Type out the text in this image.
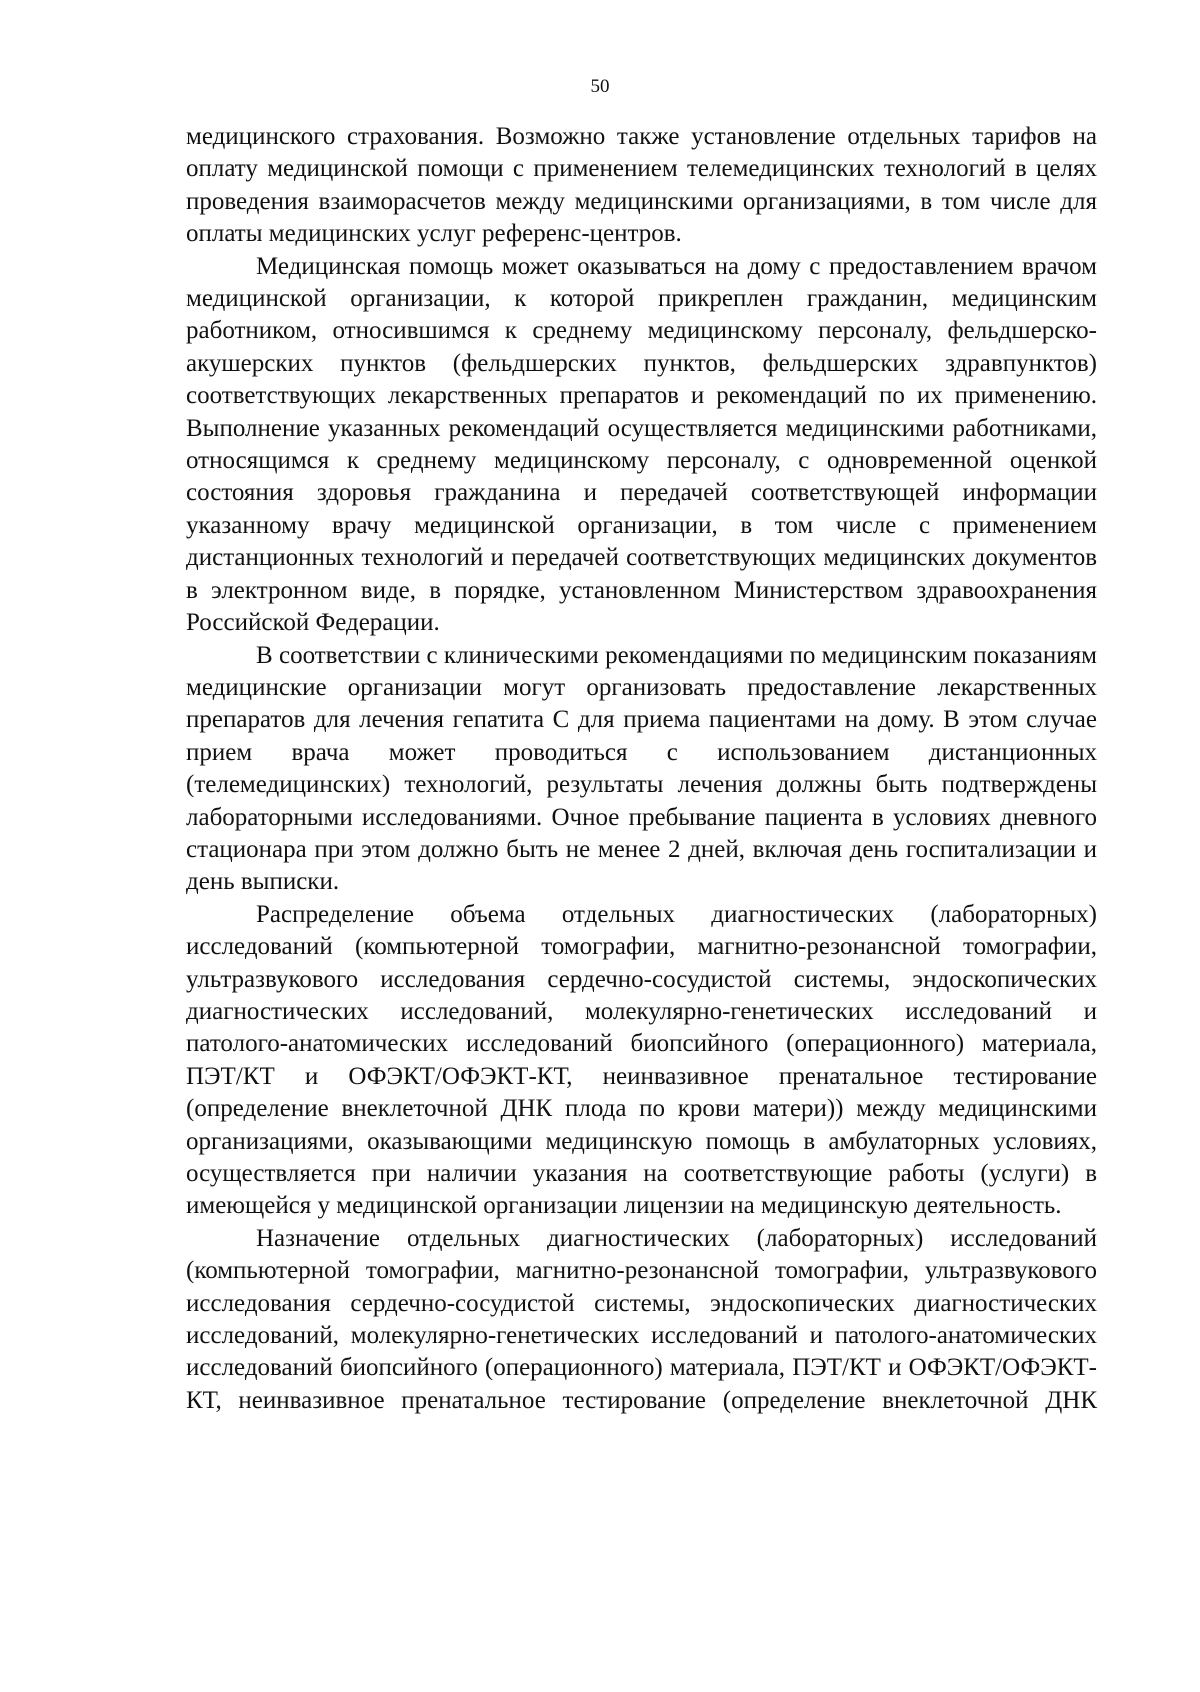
50

медицинского страхования. Возможно также установление отдельных тарифов на оплату медицинской помощи с применением телемедицинских технологий в целях проведения взаиморасчетов между медицинскими организациями, в том числе для оплаты медицинских услуг референс-центров.

Медицинская помощь может оказываться на дому с предоставлением врачом медицинской организации, к которой прикреплен гражданин, медицинским работником, относившимся к среднему медицинскому персоналу, фельдшерско-акушерских пунктов (фельдшерских пунктов, фельдшерских здравпунктов) соответствующих лекарственных препаратов и рекомендаций по их применению. Выполнение указанных рекомендаций осуществляется медицинскими работниками, относящимся к среднему медицинскому персоналу, с одновременной оценкой состояния здоровья гражданина и передачей соответствующей информации указанному врачу медицинской организации, в том числе с применением дистанционных технологий и передачей соответствующих медицинских документов в электронном виде, в порядке, установленном Министерством здравоохранения Российской Федерации.

В соответствии с клиническими рекомендациями по медицинским показаниям медицинские организации могут организовать предоставление лекарственных препаратов для лечения гепатита С для приема пациентами на дому. В этом случае прием врача может проводиться с использованием дистанционных (телемедицинских) технологий, результаты лечения должны быть подтверждены лабораторными исследованиями. Очное пребывание пациента в условиях дневного стационара при этом должно быть не менее 2 дней, включая день госпитализации и день выписки.

Распределение объема отдельных диагностических (лабораторных) исследований (компьютерной томографии, магнитно-резонансной томографии, ультразвукового исследования сердечно-сосудистой системы, эндоскопических диагностических исследований, молекулярно-генетических исследований и патолого-анатомических исследований биопсийного (операционного) материала, ПЭТ/КТ и ОФЭКТ/ОФЭКТ-КТ, неинвазивное пренатальное тестирование (определение внеклеточной ДНК плода по крови матери)) между медицинскими организациями, оказывающими медицинскую помощь в амбулаторных условиях, осуществляется при наличии указания на соответствующие работы (услуги) в имеющейся у медицинской организации лицензии на медицинскую деятельность.

Назначение отдельных диагностических (лабораторных) исследований (компьютерной томографии, магнитно-резонансной томографии, ультразвукового исследования сердечно-сосудистой системы, эндоскопических диагностических исследований, молекулярно-генетических исследований и патолого-анатомических исследований биопсийного (операционного) материала, ПЭТ/КТ и ОФЭКТ/ОФЭКТ-КТ, неинвазивное пренатальное тестирование (определение внеклеточной ДНК
